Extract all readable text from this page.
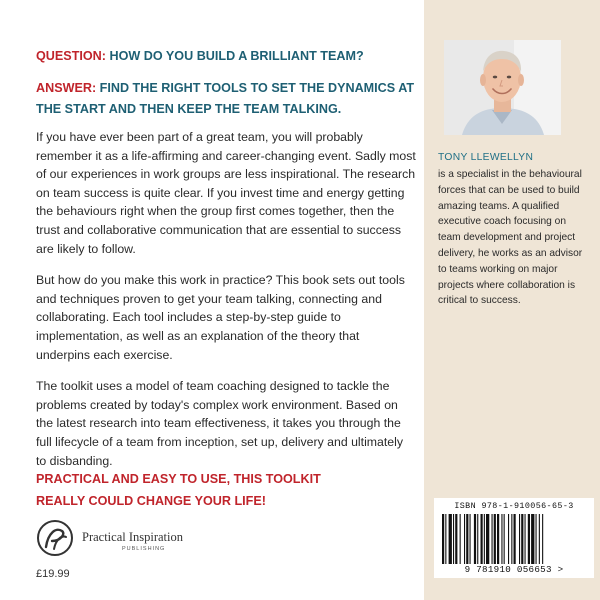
QUESTION: HOW DO YOU BUILD A BRILLIANT TEAM?

ANSWER: FIND THE RIGHT TOOLS TO SET THE DYNAMICS AT

THE START AND THEN KEEP THE TEAM TALKING.

If you have ever been part of a great team, you will probably remember it as a life-affirming and career-changing event. Sadly most of our experiences in work groups are less inspirational. The research on team success is quite clear. If you invest time and energy getting the behaviours right when the group first comes together, then the trust and collaborative communication that are essential to success are likely to follow.

But how do you make this work in practice? This book sets out tools and techniques proven to get your team talking, connecting and collaborating. Each tool includes a step-by-step guide to implementation, as well as an explanation of the theory that underpins each exercise.

The toolkit uses a model of team coaching designed to tackle the problems created by today's complex work environment. Based on the latest research into team effectiveness, it takes you through the full lifecycle of a team from inception, set up, delivery and ultimately to disbanding.

PRACTICAL AND EASY TO USE, THIS TOOLKIT

REALLY COULD CHANGE YOUR LIFE!

Practical Inspiration
PUBLISHING
£19.99
TONY LLEWELLYN
is a specialist in the behavioural forces that can be used to build amazing teams. A qualified executive coach focusing on team development and project delivery, he works as an advisor to teams working on major projects where collaboration is critical to success.
ISBN 978-1-910056-65-3
9 781910 056653 >
